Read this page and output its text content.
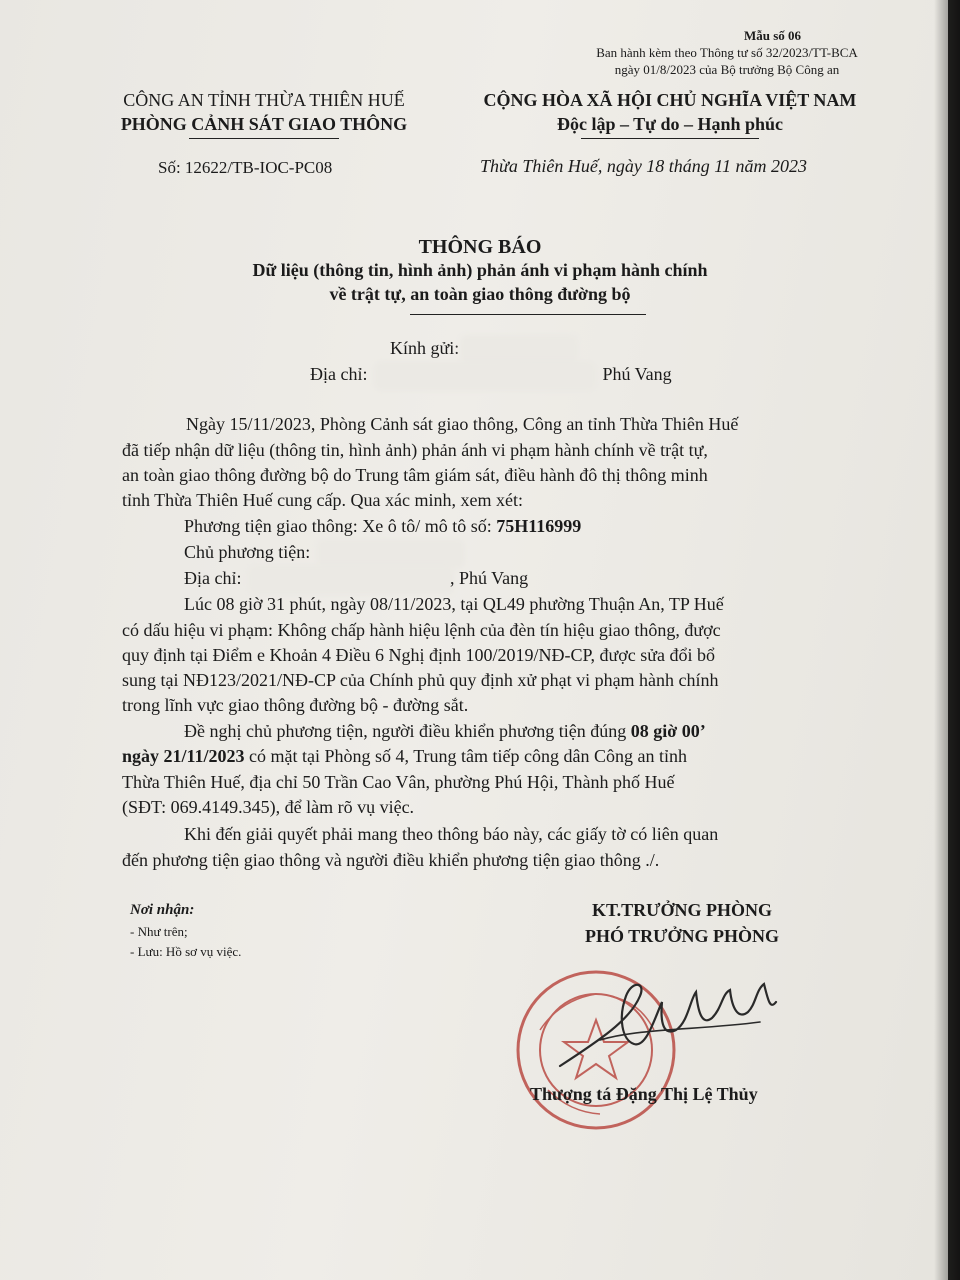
Mẫu số 06
Ban hành kèm theo Thông tư số 32/2023/TT-BCA
ngày 01/8/2023 của Bộ trưởng Bộ Công an
CÔNG AN TỈNH THỪA THIÊN HUẾ
PHÒNG CẢNH SÁT GIAO THÔNG
CỘNG HÒA XÃ HỘI CHỦ NGHĨA VIỆT NAM
Độc lập – Tự do – Hạnh phúc
Số: 12622/TB-IOC-PC08	Thừa Thiên Huế, ngày 18 tháng 11 năm 2023
THÔNG BÁO
Dữ liệu (thông tin, hình ảnh) phản ánh vi phạm hành chính
về trật tự, an toàn giao thông đường bộ
Kính gửi:
Địa chỉ:	Phú Vang
Ngày 15/11/2023, Phòng Cảnh sát giao thông, Công an tỉnh Thừa Thiên Huế
đã tiếp nhận dữ liệu (thông tin, hình ảnh) phản ánh vi phạm hành chính về trật tự,
an toàn giao thông đường bộ do Trung tâm giám sát, điều hành đô thị thông minh
tỉnh Thừa Thiên Huế cung cấp. Qua xác minh, xem xét:
Phương tiện giao thông: Xe ô tô/ mô tô số: 75H116999
Chủ phương tiện:
Địa chỉ:	, Phú Vang
Lúc 08 giờ 31 phút, ngày 08/11/2023, tại QL49 phường Thuận An, TP Huế
có dấu hiệu vi phạm: Không chấp hành hiệu lệnh của đèn tín hiệu giao thông, được
quy định tại Điểm e Khoản 4 Điều 6 Nghị định 100/2019/NĐ-CP, được sửa đổi bổ
sung tại NĐ123/2021/NĐ-CP của Chính phủ quy định xử phạt vi phạm hành chính
trong lĩnh vực giao thông đường bộ - đường sắt.
Đề nghị chủ phương tiện, người điều khiển phương tiện đúng 08 giờ 00’
ngày 21/11/2023 có mặt tại Phòng số 4, Trung tâm tiếp công dân Công an tỉnh
Thừa Thiên Huế, địa chỉ 50 Trần Cao Vân, phường Phú Hội, Thành phố Huế
(SĐT: 069.4149.345), để làm rõ vụ việc.
Khi đến giải quyết phải mang theo thông báo này, các giấy tờ có liên quan
đến phương tiện giao thông và người điều khiển phương tiện giao thông ./.
Nơi nhận:
- Như trên;
- Lưu: Hồ sơ vụ việc.
KT.TRƯỞNG PHÒNG
PHÓ TRƯỞNG PHÒNG
Thượng tá Đặng Thị Lệ Thủy
